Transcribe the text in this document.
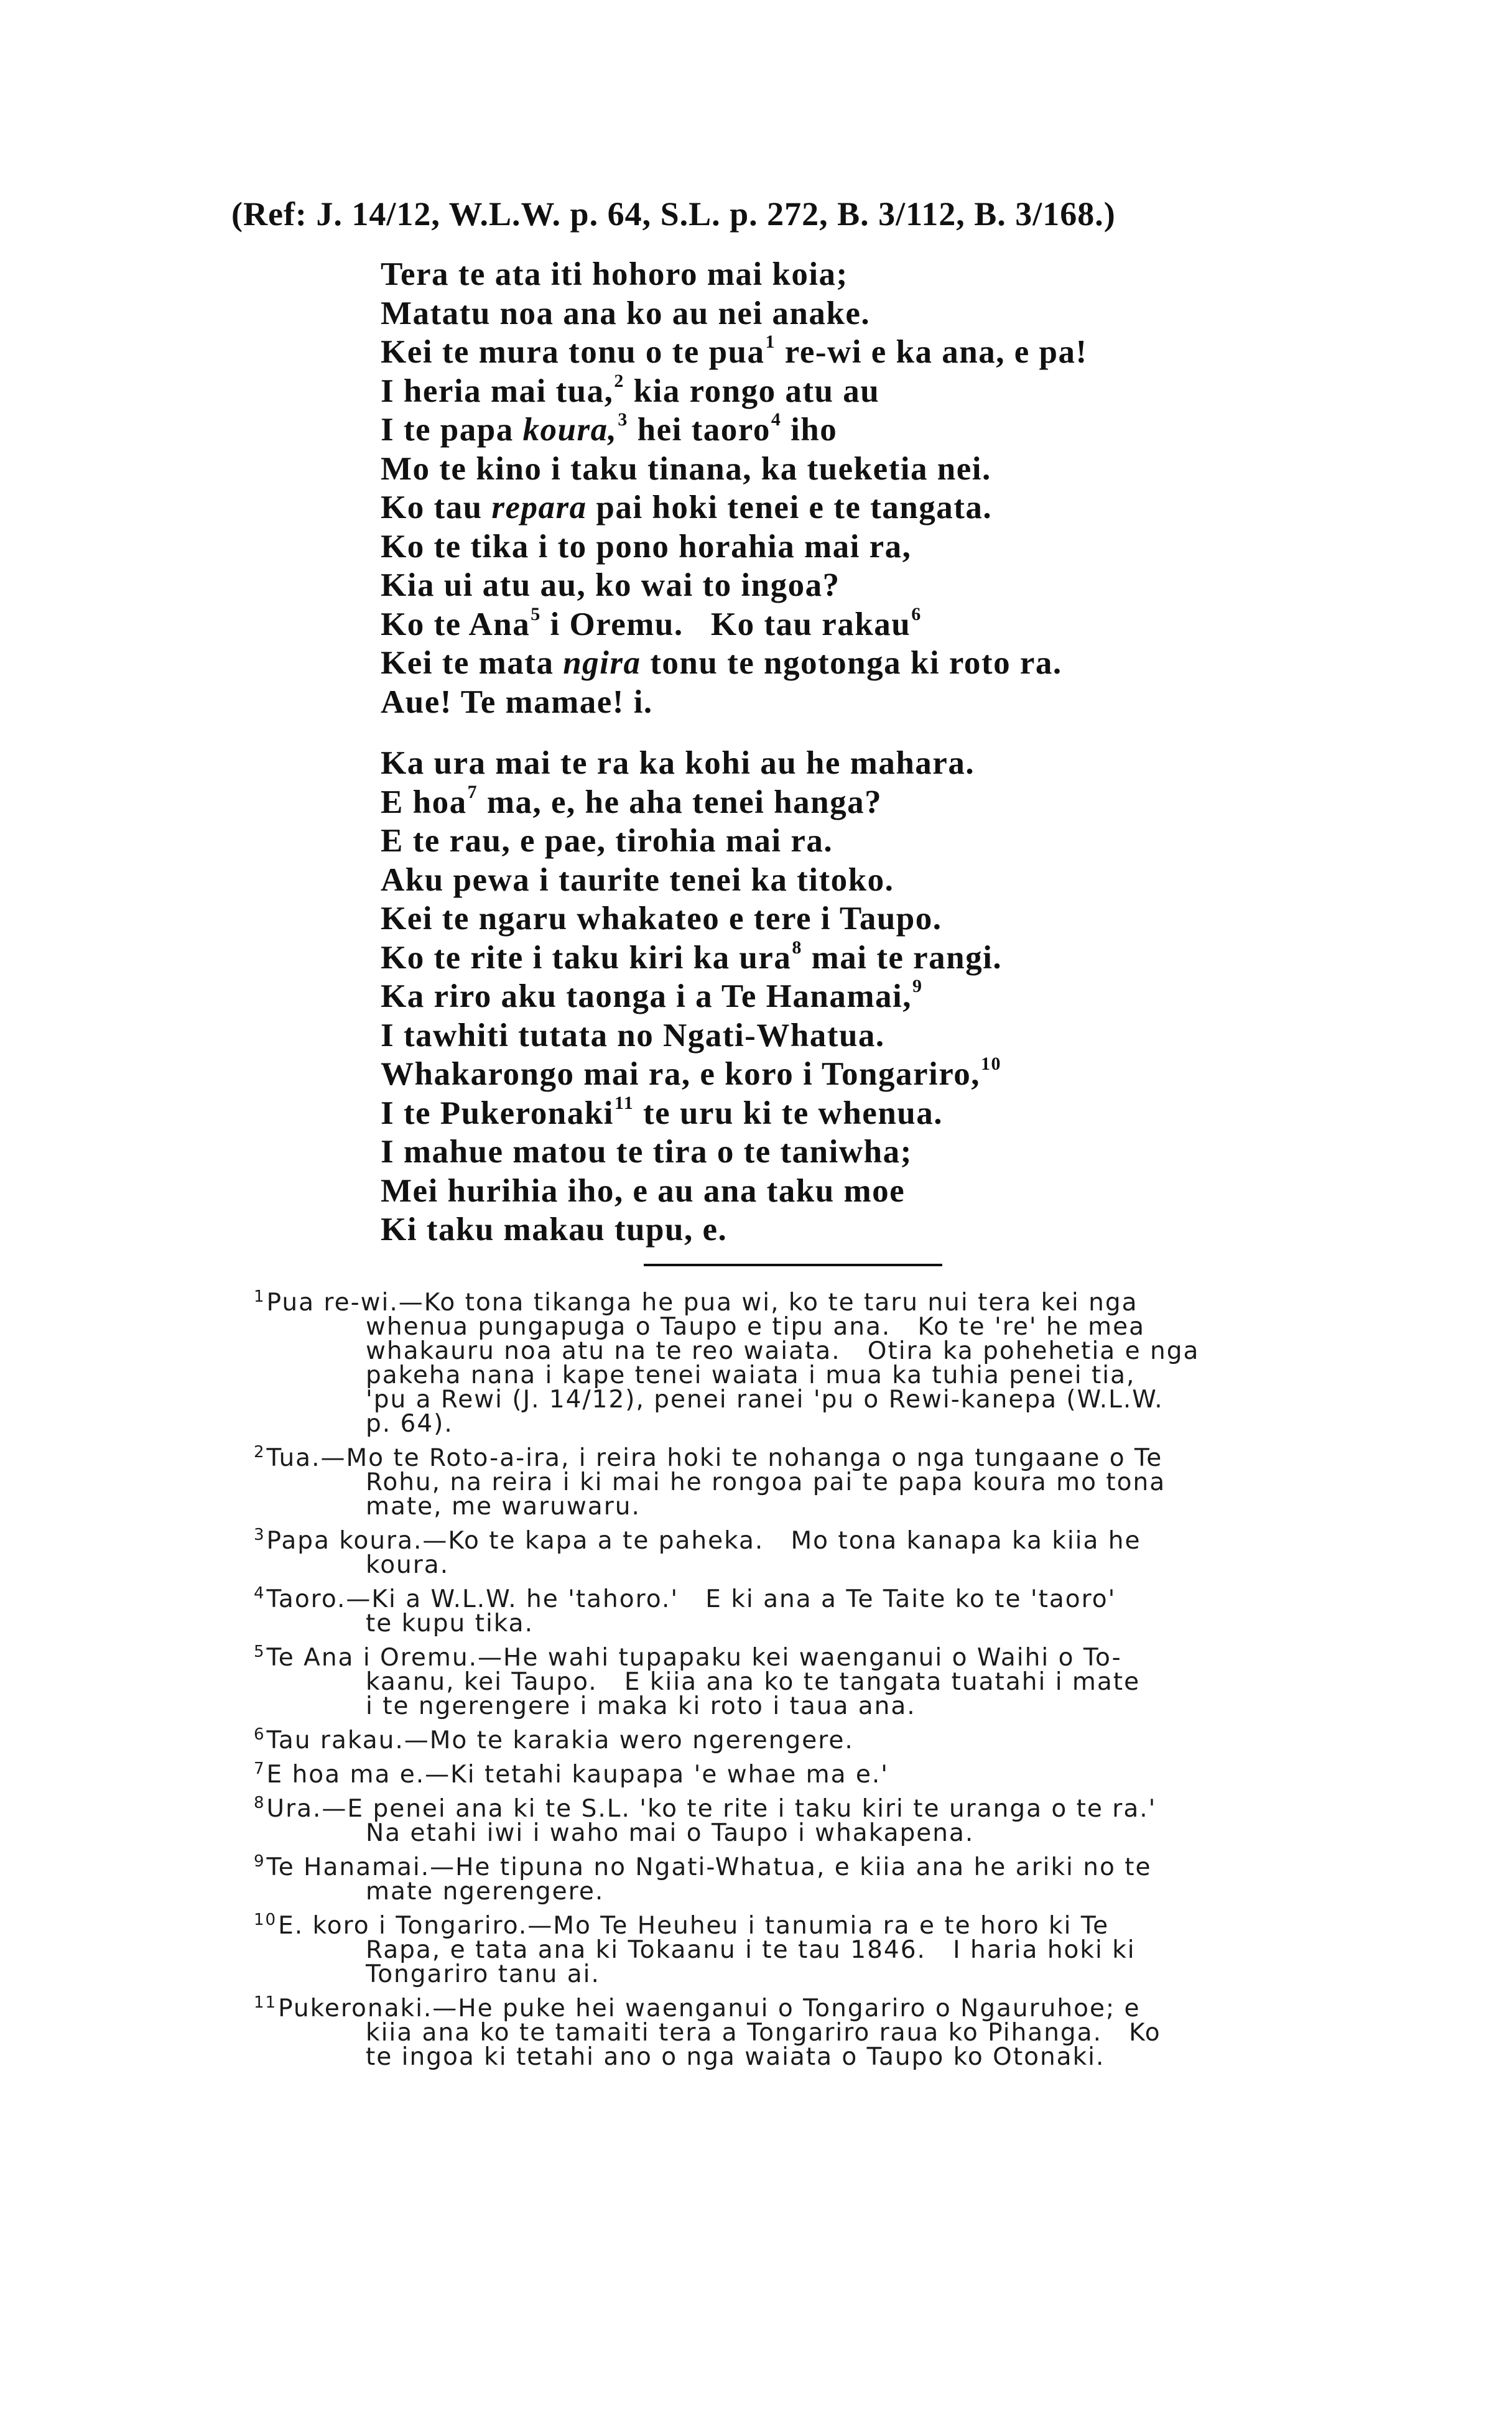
(Ref: J. 14/12, W.L.W. p. 64, S.L. p. 272, B. 3/112, B. 3/168.)
Tera te ata iti hohoro mai koia;
Matatu noa ana ko au nei anake.
Kei te mura tonu o te pua$^1$ re-wi e ka ana, e pa!
I heria mai tua,$^2$ kia rongo atu au
I te papa koura,$^3$ hei taoro$^4$ iho
Mo te kino i taku tinana, ka tueketia nei.
Ko tau repara pai hoki tenei e te tangata.
Ko te tika i to pono horahia mai ra,
Kia ui atu au, ko wai to ingoa?
Ko te Ana$^5$ i Oremu.   Ko tau rakau$^6$
Kei te mata ngira tonu te ngotonga ki roto ra.
Aue! Te mamae! i.
Ka ura mai te ra ka kohi au he mahara.
E hoa$^7$ ma, e, he aha tenei hanga?
E te rau, e pae, tirohia mai ra.
Aku pewa i taurite tenei ka titoko.
Kei te ngaru whakateo e tere i Taupo.
Ko te rite i taku kiri ka ura$^8$ mai te rangi.
Ka riro aku taonga i a Te Hanamai,$^9$
I tawhiti tutata no Ngati-Whatua.
Whakarongo mai ra, e koro i Tongariro,$^{10}$
I te Pukeronaki$^{11}$ te uru ki te whenua.
I mahue matou te tira o te taniwha;
Mei hurihia iho, e au ana taku moe
Ki taku makau tupu, e.
$^1$Pua re-wi.—Ko tona tikanga he pua wi, ko te taru nui tera kei nga
whenua pungapuga o Taupo e tipu ana.   Ko te 're' he mea
whakauru noa atu na te reo waiata.   Otira ka pohehetia e nga
pakeha nana i kape tenei waiata i mua ka tuhia penei tia,
'pu a Rewi (J. 14/12), penei ranei 'pu o Rewi-kanepa (W.L.W.
p. 64).
$^2$Tua.—Mo te Roto-a-ira, i reira hoki te nohanga o nga tungaane o Te
Rohu, na reira i ki mai he rongoa pai te papa koura mo tona
mate, me waruwaru.
$^3$Papa koura.—Ko te kapa a te paheka.   Mo tona kanapa ka kiia he
koura.
$^4$Taoro.—Ki a W.L.W. he 'tahoro.'   E ki ana a Te Taite ko te 'taoro'
te kupu tika.
$^5$Te Ana i Oremu.—He wahi tupapaku kei waenganui o Waihi o To-
kaanu, kei Taupo.   E kiia ana ko te tangata tuatahi i mate
i te ngerengere i maka ki roto i taua ana.
$^6$Tau rakau.—Mo te karakia wero ngerengere.
$^7$E hoa ma e.—Ki tetahi kaupapa 'e whae ma e.'
$^8$Ura.—E penei ana ki te S.L. 'ko te rite i taku kiri te uranga o te ra.'
Na etahi iwi i waho mai o Taupo i whakapena.
$^9$Te Hanamai.—He tipuna no Ngati-Whatua, e kiia ana he ariki no te
mate ngerengere.
$^{10}$E. koro i Tongariro.—Mo Te Heuheu i tanumia ra e te horo ki Te
Rapa, e tata ana ki Tokaanu i te tau 1846.   I haria hoki ki
Tongariro tanu ai.
$^{11}$Pukeronaki.—He puke hei waenganui o Tongariro o Ngauruhoe; e
kiia ana ko te tamaiti tera a Tongariro raua ko Pihanga.   Ko
te ingoa ki tetahi ano o nga waiata o Taupo ko Otonaki.
